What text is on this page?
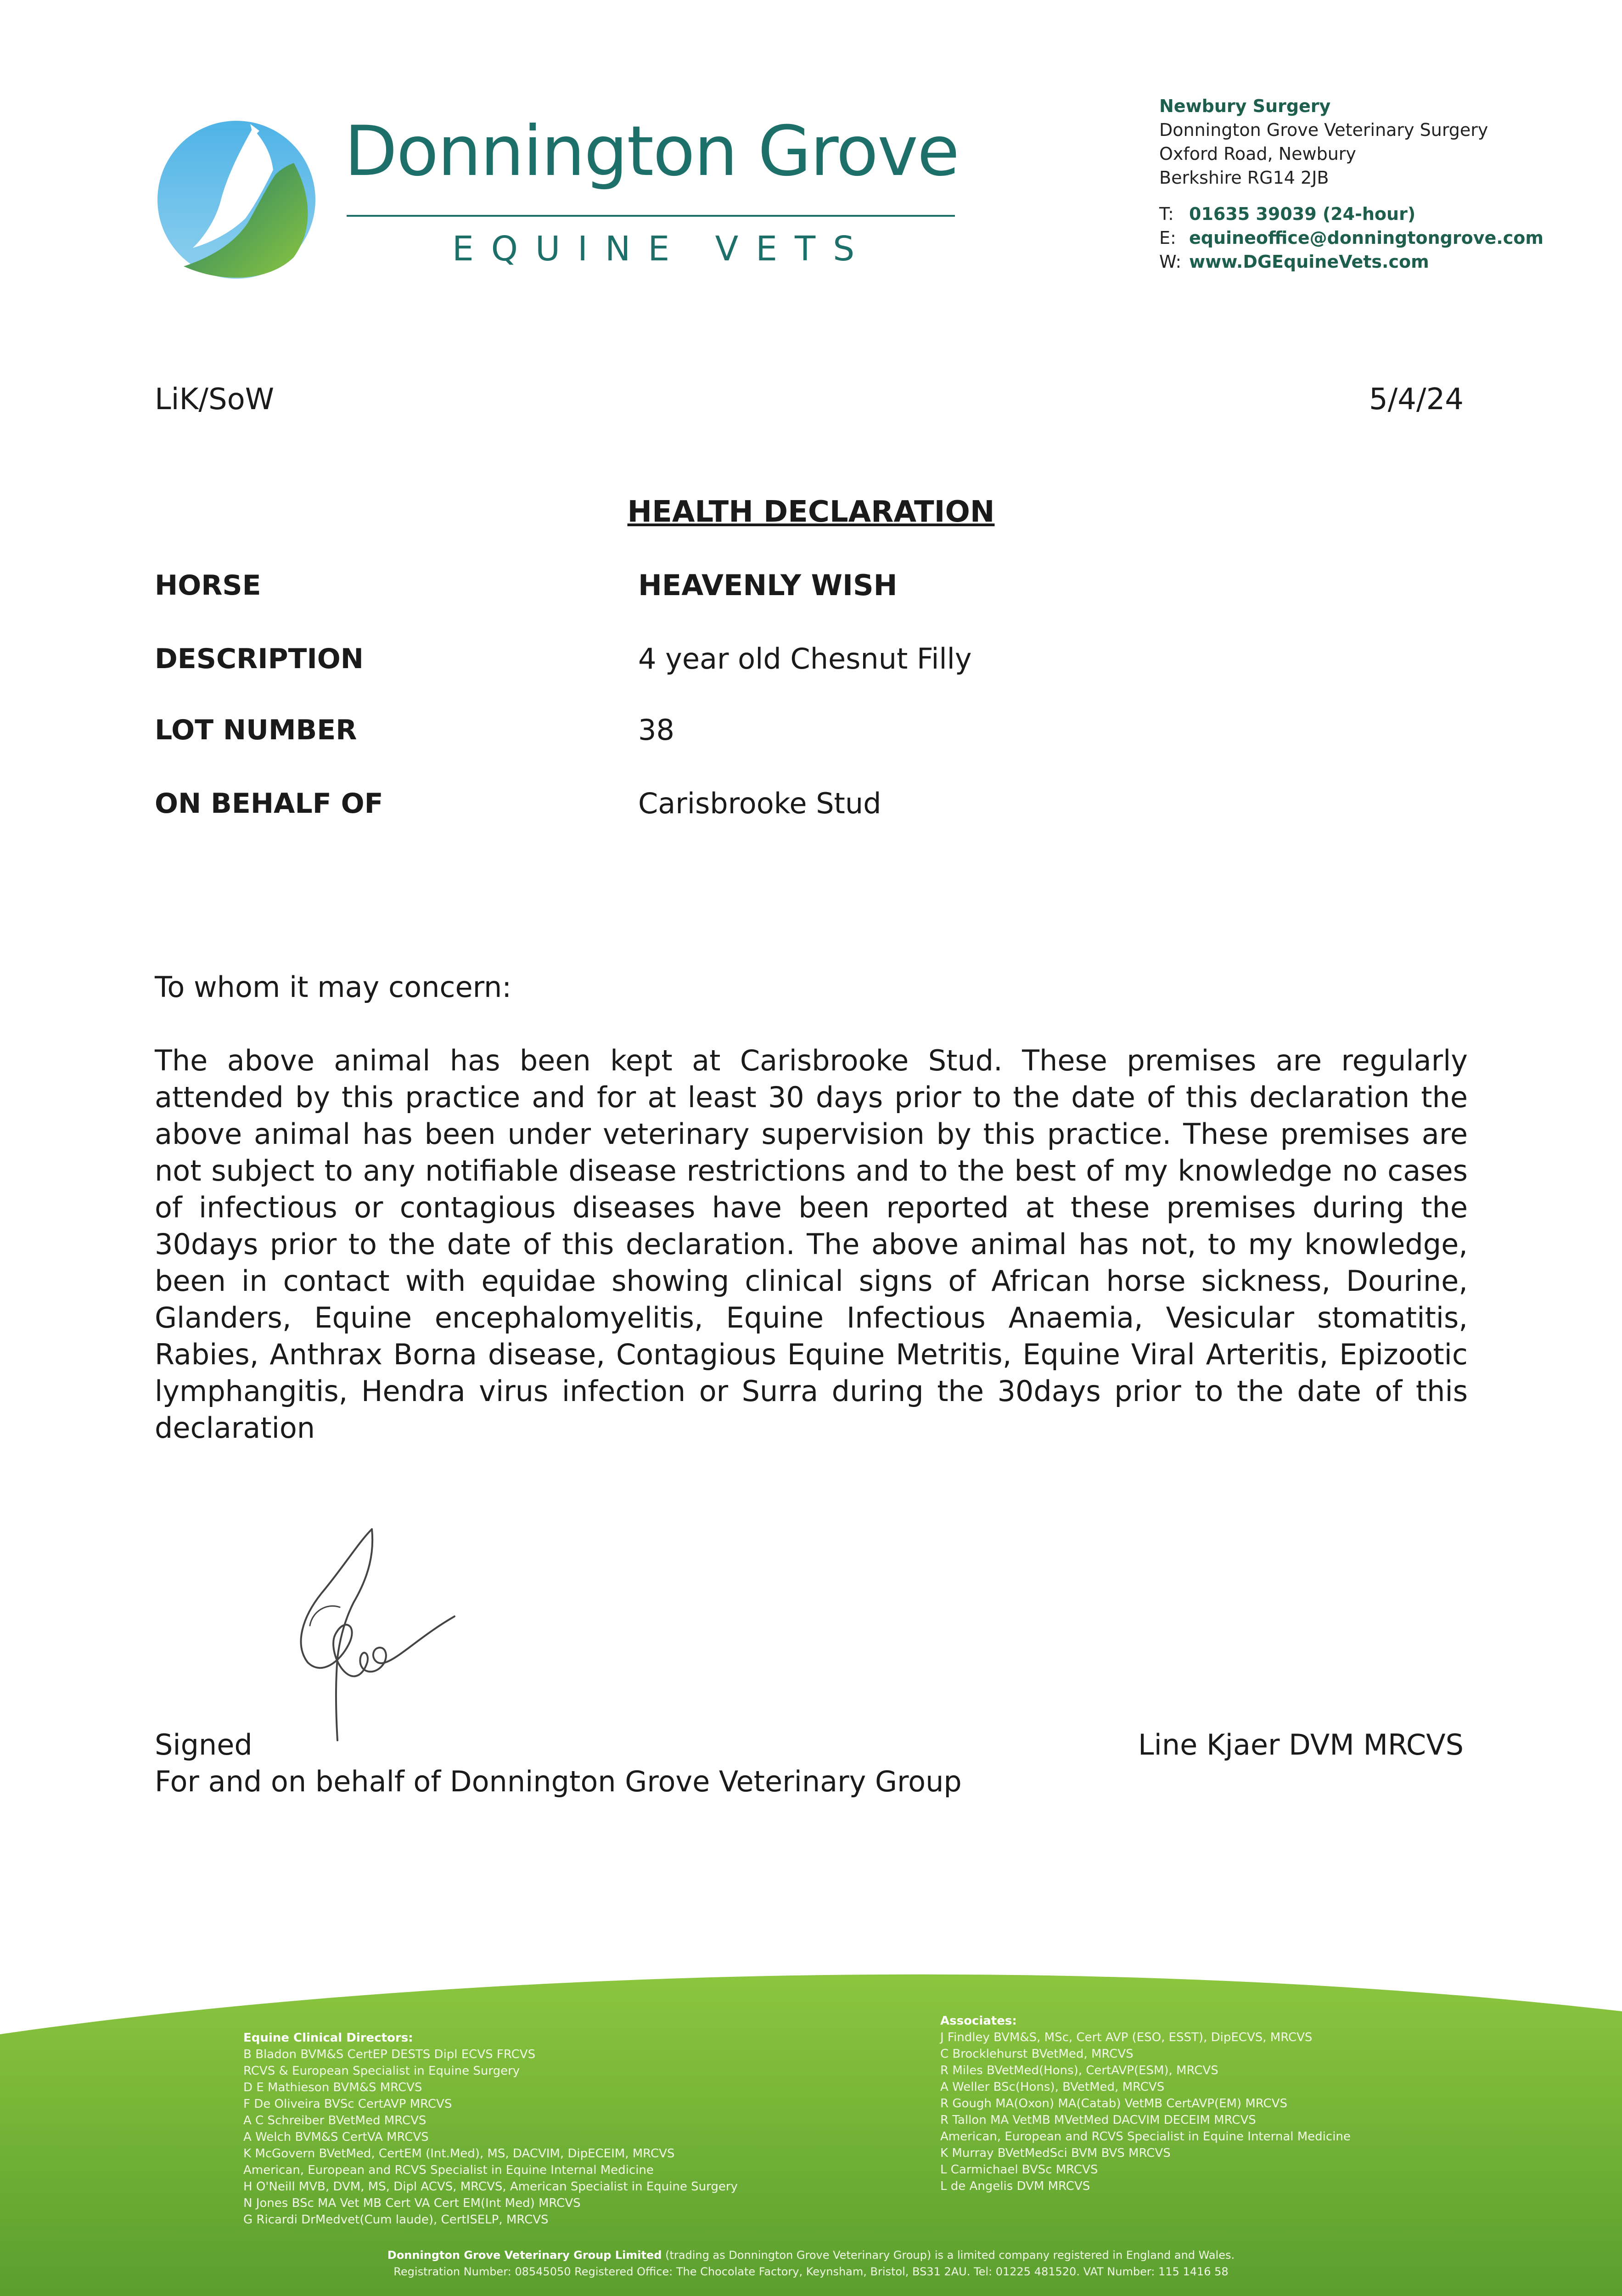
Donnington Grove
EQUINE VETS
Newbury Surgery
Donnington Grove Veterinary Surgery
Oxford Road, Newbury
Berkshire RG14 2JB
T: 01635 39039 (24-hour)
E: equineoffice@donningtongrove.com
W: www.DGEquineVets.com
LiK/SoW	5/4/24
HEALTH DECLARATION
HORSE	HEAVENLY WISH
DESCRIPTION	4 year old Chesnut Filly
LOT NUMBER	38
ON BEHALF OF	Carisbrooke Stud
To whom it may concern:
The above animal has been kept at Carisbrooke Stud. These premises are regularly attended by this practice and for at least 30 days prior to the date of this declaration the above animal has been under veterinary supervision by this practice. These premises are not subject to any notifiable disease restrictions and to the best of my knowledge no cases of infectious or contagious diseases have been reported at these premises during the 30days prior to the date of this declaration. The above animal has not, to my knowledge, been in contact with equidae showing clinical signs of African horse sickness, Dourine, Glanders, Equine encephalomyelitis, Equine Infectious Anaemia, Vesicular stomatitis, Rabies, Anthrax Borna disease, Contagious Equine Metritis, Equine Viral Arteritis, Epizootic lymphangitis, Hendra virus infection or Surra during the 30days prior to the date of this declaration
Signed	Line Kjaer DVM MRCVS
For and on behalf of Donnington Grove Veterinary Group
Equine Clinical Directors:
B Bladon BVM&S CertEP DESTS Dipl ECVS FRCVS
RCVS & European Specialist in Equine Surgery
D E Mathieson BVM&S MRCVS
F De Oliveira BVSc CertAVP MRCVS
A C Schreiber BVetMed MRCVS
A Welch BVM&S CertVA MRCVS
K McGovern BVetMed, CertEM (Int.Med), MS, DACVIM, DipECEIM, MRCVS
American, European and RCVS Specialist in Equine Internal Medicine
H O'Neill MVB, DVM, MS, Dipl ACVS, MRCVS, American Specialist in Equine Surgery
N Jones BSc MA Vet MB Cert VA Cert EM(Int Med) MRCVS
G Ricardi DrMedvet(Cum laude), CertISELP, MRCVS
Associates:
J Findley BVM&S, MSc, Cert AVP (ESO, ESST), DipECVS, MRCVS
C Brocklehurst BVetMed, MRCVS
R Miles BVetMed(Hons), CertAVP(ESM), MRCVS
A Weller BSc(Hons), BVetMed, MRCVS
R Gough MA(Oxon) MA(Catab) VetMB CertAVP(EM) MRCVS
R Tallon MA VetMB MVetMed DACVIM DECEIM MRCVS
American, European and RCVS Specialist in Equine Internal Medicine
K Murray BVetMedSci BVM BVS MRCVS
L Carmichael BVSc MRCVS
L de Angelis DVM MRCVS
Donnington Grove Veterinary Group Limited (trading as Donnington Grove Veterinary Group) is a limited company registered in England and Wales.
Registration Number: 08545050 Registered Office: The Chocolate Factory, Keynsham, Bristol, BS31 2AU. Tel: 01225 481520. VAT Number: 115 1416 58
